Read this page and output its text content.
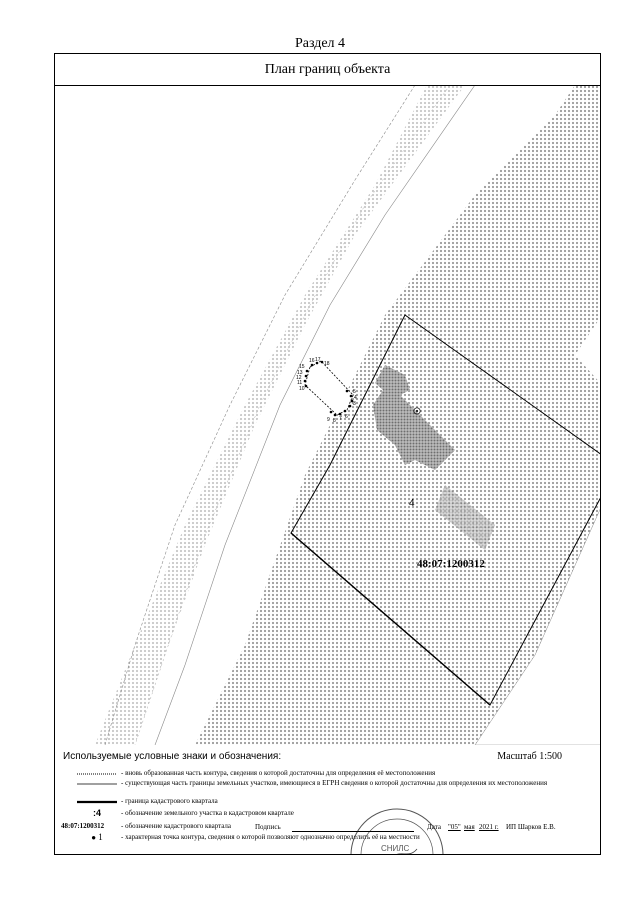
Раздел 4
План границ объекта
15
16 17
18
13
12
11
10
9 8 7 6
5
4
3
4
48:07:1200312
Используемые условные знаки и обозначения:	Масштаб 1:500
- вновь образованная часть контура, сведения о которой достаточны для определения её местоположения
- существующая часть границы земельных участков, имеющиеся в ЕГРН сведения о которой достаточны для определения их местоположения
- граница кадастрового квартала
:4	- обозначение земельного участка в кадастровом квартале
48:07:1200312	- обозначение кадастрового квартала
● 1	- характерная точка контура, сведения о которой позволяют однозначно определить её на местности
СНИЛС
№ 067-396-928-14
Подпись	Дата "05" мая 2021 г. ИП Шарков Е.В.
